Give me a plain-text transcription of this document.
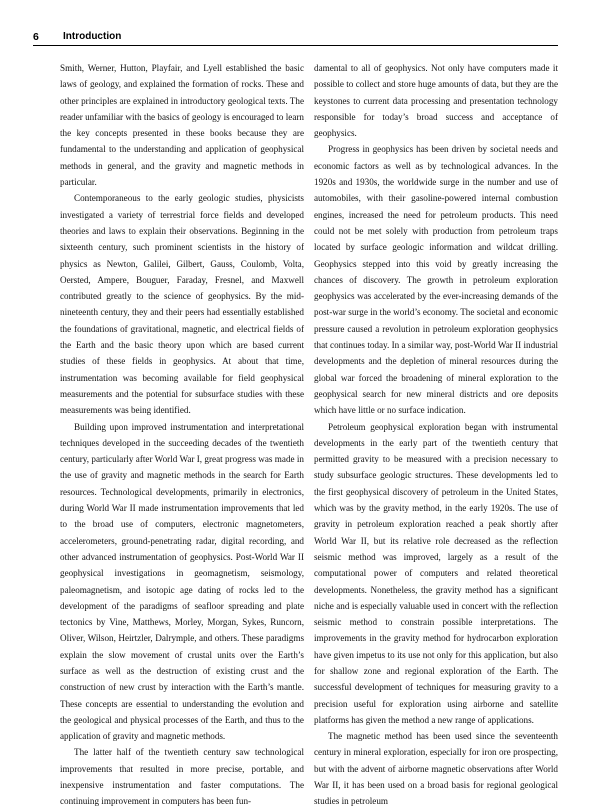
6 Introduction

Smith, Werner, Hutton, Playfair, and Lyell established the basic laws of geology, and explained the formation of rocks. These and other principles are explained in introductory geological texts. The reader unfamiliar with the basics of geology is encouraged to learn the key concepts presented in these books because they are fundamental to the understanding and application of geophysical methods in general, and the gravity and magnetic methods in particular.

Contemporaneous to the early geologic studies, physicists investigated a variety of terrestrial force fields and developed theories and laws to explain their observations. Beginning in the sixteenth century, such prominent scientists in the history of physics as Newton, Galilei, Gilbert, Gauss, Coulomb, Volta, Oersted, Ampere, Bouguer, Faraday, Fresnel, and Maxwell contributed greatly to the science of geophysics. By the mid-nineteenth century, they and their peers had essentially established the foundations of gravitational, magnetic, and electrical fields of the Earth and the basic theory upon which are based current studies of these fields in geophysics. At about that time, instrumentation was becoming available for field geophysical measurements and the potential for subsurface studies with these measurements was being identified.

Building upon improved instrumentation and interpretational techniques developed in the succeeding decades of the twentieth century, particularly after World War I, great progress was made in the use of gravity and magnetic methods in the search for Earth resources. Technological developments, primarily in electronics, during World War II made instrumentation improvements that led to the broad use of computers, electronic magnetometers, accelerometers, ground-penetrating radar, digital recording, and other advanced instrumentation of geophysics. Post-World War II geophysical investigations in geomagnetism, seismology, paleomagnetism, and isotopic age dating of rocks led to the development of the paradigms of seafloor spreading and plate tectonics by Vine, Matthews, Morley, Morgan, Sykes, Runcorn, Oliver, Wilson, Heirtzler, Dalrymple, and others. These paradigms explain the slow movement of crustal units over the Earth’s surface as well as the destruction of existing crust and the construction of new crust by interaction with the Earth’s mantle. These concepts are essential to understanding the evolution and the geological and physical processes of the Earth, and thus to the application of gravity and magnetic methods.

The latter half of the twentieth century saw technological improvements that resulted in more precise, portable, and inexpensive instrumentation and faster computations. The continuing improvement in computers has been fun-

damental to all of geophysics. Not only have computers made it possible to collect and store huge amounts of data, but they are the keystones to current data processing and presentation technology responsible for today’s broad success and acceptance of geophysics.

Progress in geophysics has been driven by societal needs and economic factors as well as by technological advances. In the 1920s and 1930s, the worldwide surge in the number and use of automobiles, with their gasoline-powered internal combustion engines, increased the need for petroleum products. This need could not be met solely with production from petroleum traps located by surface geologic information and wildcat drilling. Geophysics stepped into this void by greatly increasing the chances of discovery. The growth in petroleum exploration geophysics was accelerated by the ever-increasing demands of the post-war surge in the world’s economy. The societal and economic pressure caused a revolution in petroleum exploration geophysics that continues today. In a similar way, post-World War II industrial developments and the depletion of mineral resources during the global war forced the broadening of mineral exploration to the geophysical search for new mineral districts and ore deposits which have little or no surface indication.

Petroleum geophysical exploration began with instrumental developments in the early part of the twentieth century that permitted gravity to be measured with a precision necessary to study subsurface geologic structures. These developments led to the first geophysical discovery of petroleum in the United States, which was by the gravity method, in the early 1920s. The use of gravity in petroleum exploration reached a peak shortly after World War II, but its relative role decreased as the reflection seismic method was improved, largely as a result of the computational power of computers and related theoretical developments. Nonetheless, the gravity method has a significant niche and is especially valuable used in concert with the reflection seismic method to constrain possible interpretations. The improvements in the gravity method for hydrocarbon exploration have given impetus to its use not only for this application, but also for shallow zone and regional exploration of the Earth. The successful development of techniques for measuring gravity to a precision useful for exploration using airborne and satellite platforms has given the method a new range of applications.

The magnetic method has been used since the seventeenth century in mineral exploration, especially for iron ore prospecting, but with the advent of airborne magnetic observations after World War II, it has been used on a broad basis for regional geological studies in petroleum
